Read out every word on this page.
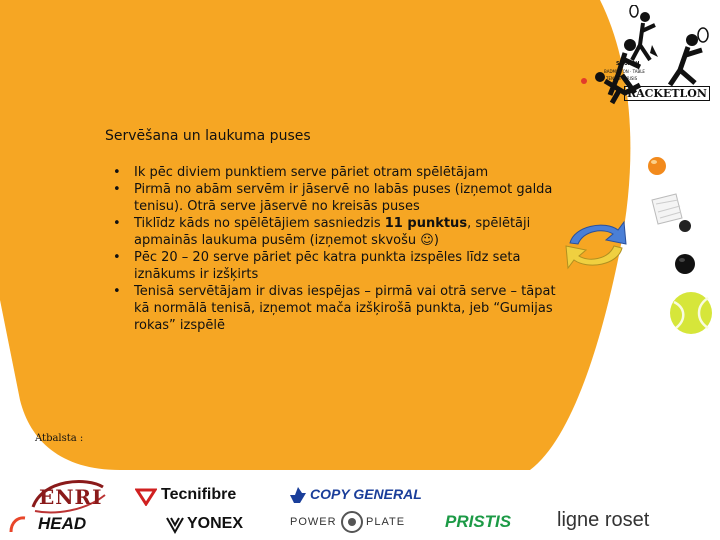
SQUASH
BADMINTON · TABLE
TENNIS · PRISIS
RACKETLON
Servēšana un laukuma puses
• Ik pēc diviem punktiem serve pāriet otram spēlētājam
• Pirmā no abām servēm ir jāservē no labās puses (izņemot galda tenisu). Otrā serve jāservē no kreisās puses
• Tiklīdz kāds no spēlētājiem sasniedzis 11 punktus, spēlētāji apmainās laukuma pusēm (izņemot skvošu ☺)
• Pēc 20 – 20 serve pāriet pēc katra punkta izspēles līdz seta iznākums ir izšķirts
• Tenisā servētājam ir divas iespējas – pirmā vai otrā serve – tāpat kā normālā tenisā, izņemot mača izšķirošā punkta, jeb “Gumijas rokas” izspēlē
Atbalsta :
ENRI	Tecnifibre	COPY GENERAL
HEAD	YONEX	POWER	PLATE PRISTIS ligne roset
